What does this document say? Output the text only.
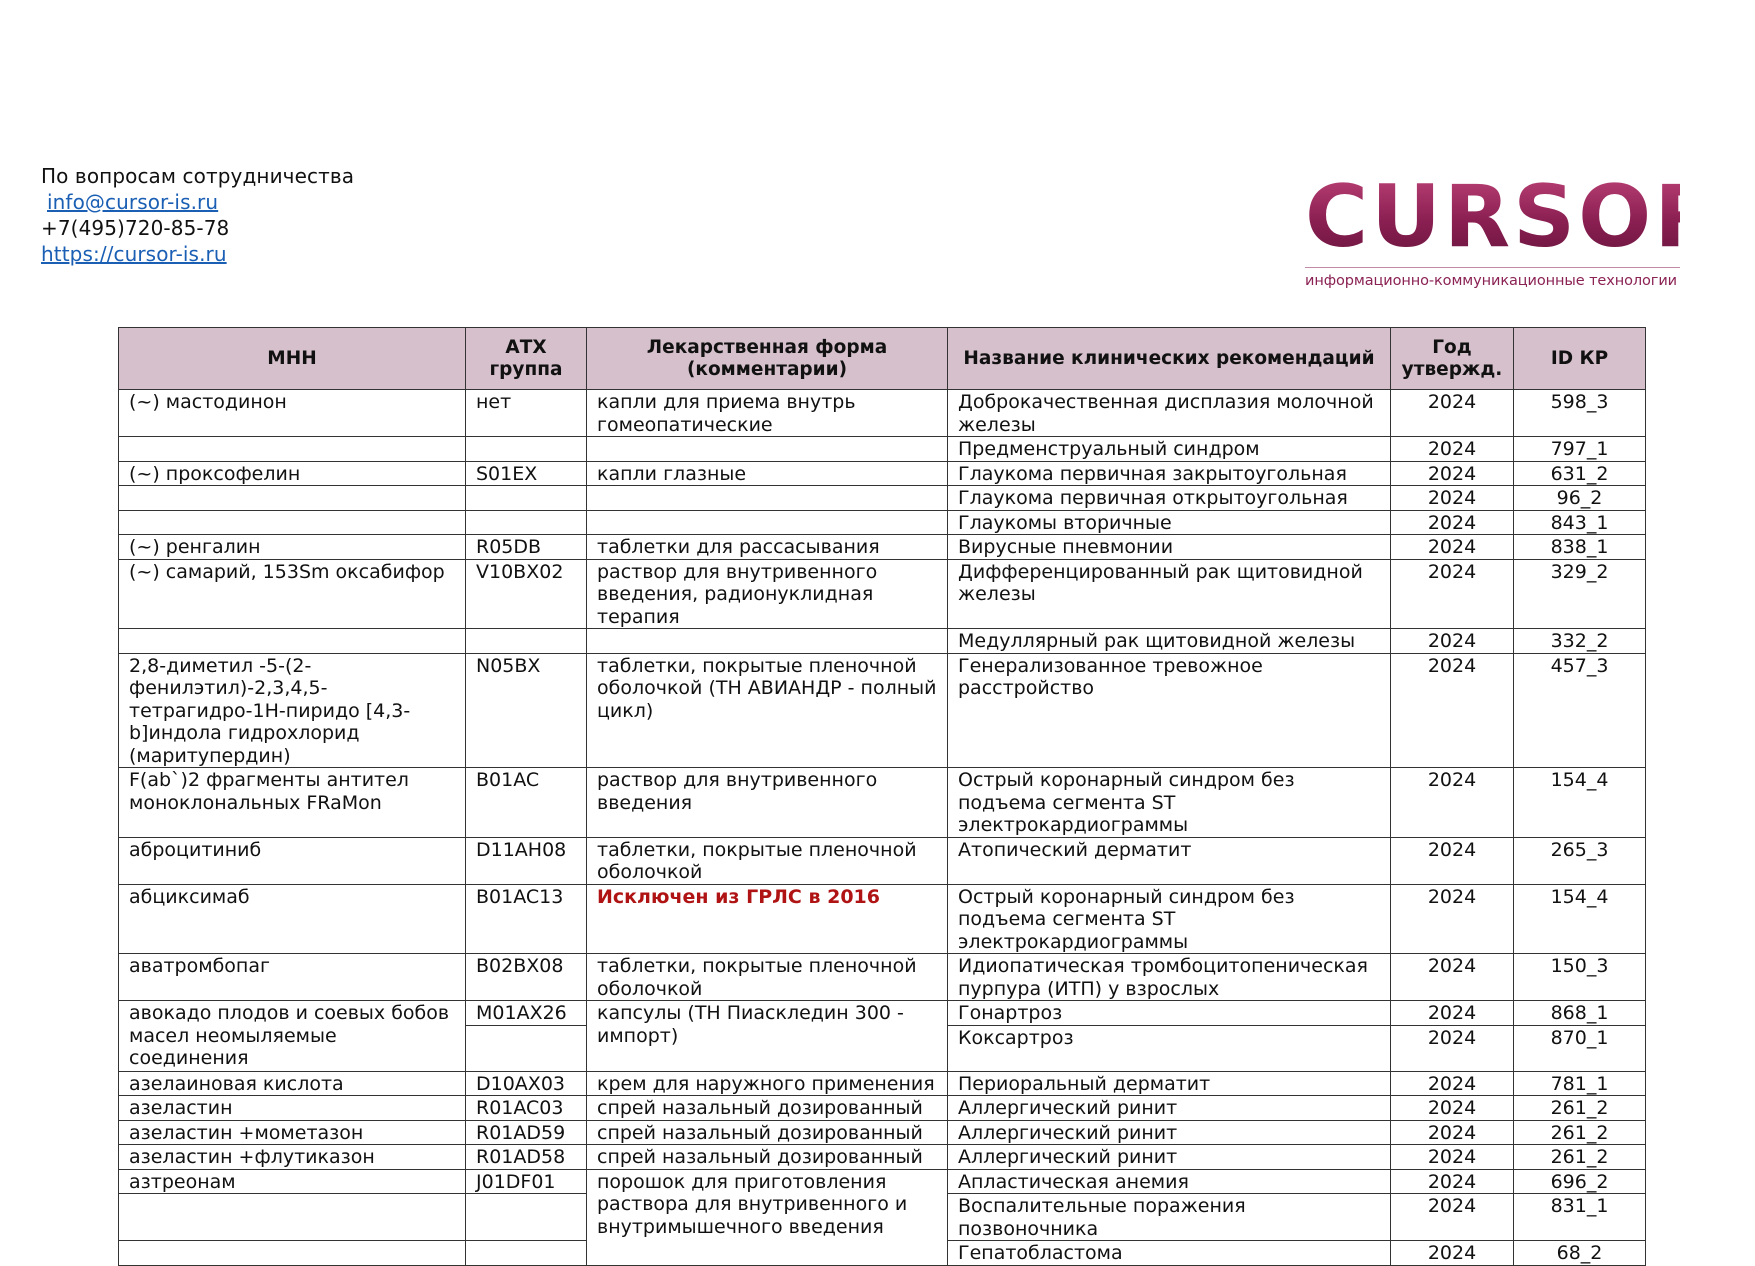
По вопросам сотрудничества
info@cursor-is.ru
+7(495)720-85-78
https://cursor-is.ru	CURSOR
информационно-коммуникационные технологии
МНН	АТХ группа	Лекарственная форма (комментарии)	Название клинических рекомендаций	Год утвержд.	ID КР
(~) мастодинон	нет	капли для приема внутрь гомеопатические	Доброкачественная дисплазия молочной железы	2024	598_3
			Предменструальный синдром	2024	797_1
(~) проксофелин	S01EX	капли глазные	Глаукома первичная закрытоугольная	2024	631_2
			Глаукома первичная открытоугольная	2024	96_2
			Глаукомы вторичные	2024	843_1
(~) ренгалин	R05DB	таблетки для рассасывания	Вирусные пневмонии	2024	838_1
(~) самарий, 153Sm оксабифор	V10BX02	раствор для внутривенного введения, радионуклидная терапия	Дифференцированный рак щитовидной железы	2024	329_2
			Медуллярный рак щитовидной железы	2024	332_2
2,8-диметил -5-(2-фенилэтил)-2,3,4,5-тетрагидро-1H-пиридо [4,3-b]индола гидрохлорид (маритупердин)	N05BX	таблетки, покрытые пленочной оболочкой (ТН АВИАНДР - полный цикл)	Генерализованное тревожное расстройство	2024	457_3
F(ab`)2 фрагменты антител моноклональных FRaMon	B01AC	раствор для внутривенного введения	Острый коронарный синдром без подъема сегмента ST электрокардиограммы	2024	154_4
аброцитиниб	D11AH08	таблетки, покрытые пленочной оболочкой	Атопический дерматит	2024	265_3
абциксимаб	B01AC13	Исключен из ГРЛС в 2016	Острый коронарный синдром без подъема сегмента ST электрокардиограммы	2024	154_4
аватромбопаг	B02BX08	таблетки, покрытые пленочной оболочкой	Идиопатическая тромбоцитопеническая пурпура (ИТП) у взрослых	2024	150_3
авокадо плодов и соевых бобов масел неомыляемые соединения	M01AX26	капсулы (ТН Пиаскледин 300 - импорт)	Гонартроз	2024	868_1
			Коксартроз	2024	870_1
азелаиновая кислота	D10AX03	крем для наружного применения	Периоральный дерматит	2024	781_1
азеластин	R01AC03	спрей назальный дозированный	Аллергический ринит	2024	261_2
азеластин +мометазон	R01AD59	спрей назальный дозированный	Аллергический ринит	2024	261_2
азеластин +флутиказон	R01AD58	спрей назальный дозированный	Аллергический ринит	2024	261_2
азтреонам	J01DF01	порошок для приготовления раствора для внутривенного и внутримышечного введения	Апластическая анемия	2024	696_2
			Воспалительные поражения позвоночника	2024	831_1
			Гепатобластома	2024	68_2
